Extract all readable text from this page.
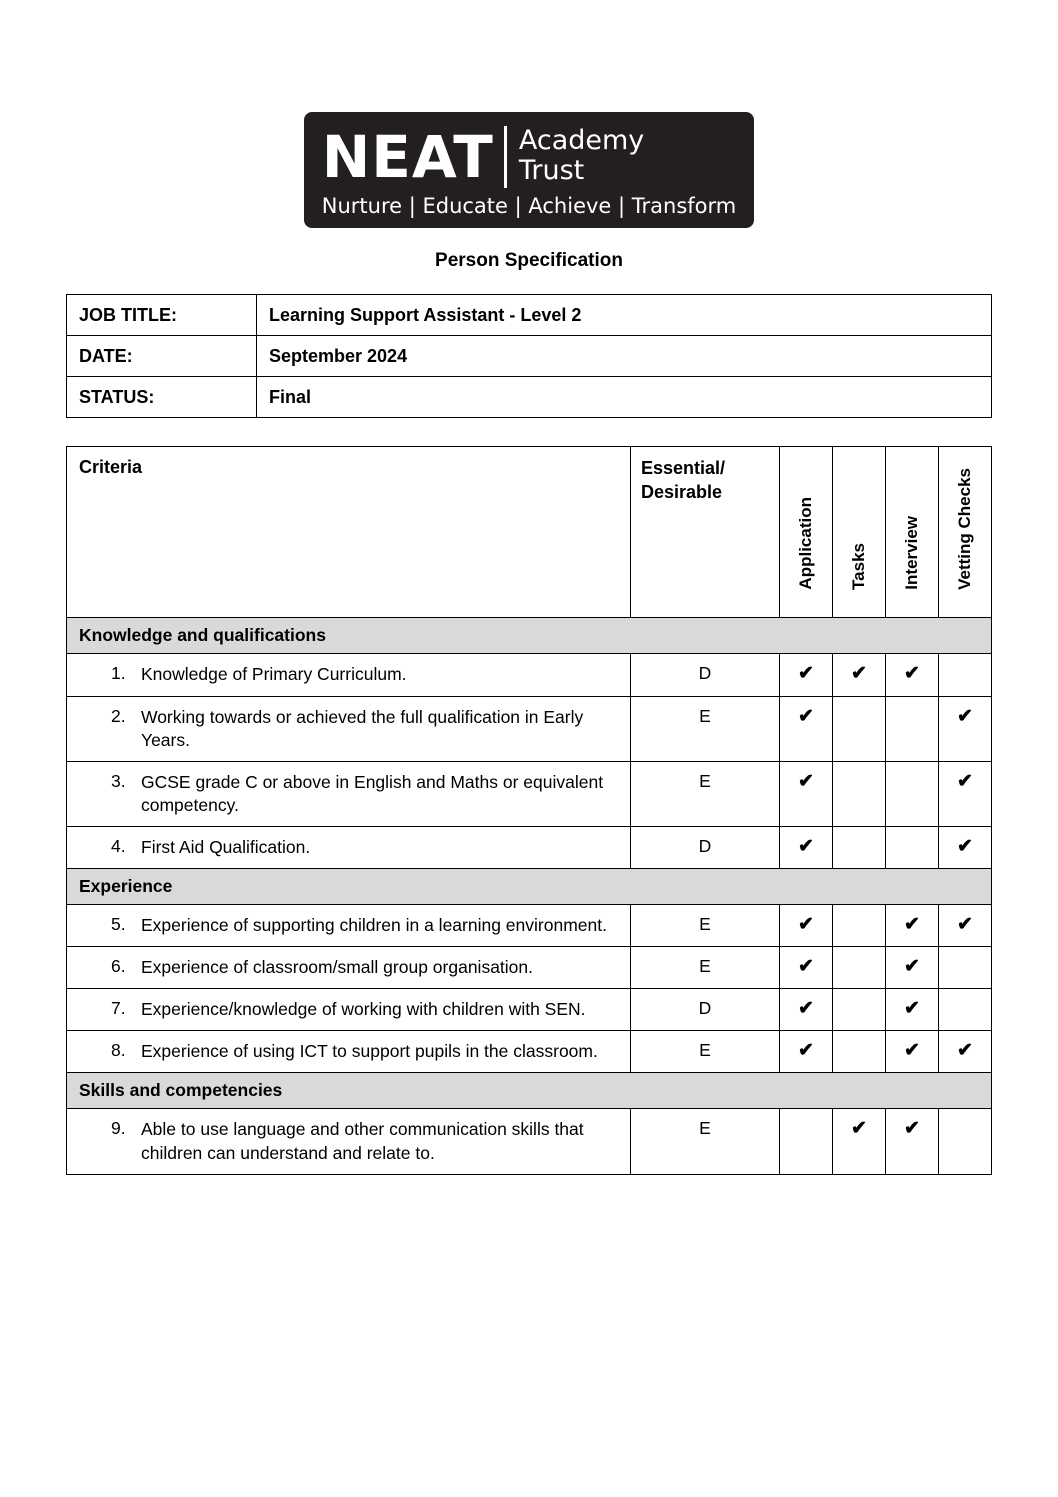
NEAT Academy
Trust
Nurture | Educate | Achieve | Transform
Person Specification
JOB TITLE:	Learning Support Assistant - Level 2
DATE:	September 2024
STATUS:	Final
Criteria	Essential/
Desirable	Application	Tasks	Interview	Vetting Checks

Knowledge and qualifications					

1. Knowledge of Primary Curriculum.	D	✔	✔	✔	

2. Working towards or achieved the full qualification in Early Years.	E	✔			✔

3. GCSE grade C or above in English and Maths or equivalent competency.	E	✔			✔

4. First Aid Qualification.	D	✔			✔
Experience					

5. Experience of supporting children in a learning environment.	E	✔		✔	✔

6. Experience of classroom/small group organisation.	E	✔		✔	

7. Experience/knowledge of working with children with SEN.	D	✔		✔	

8. Experience of using ICT to support pupils in the classroom.	E	✔		✔	✔
Skills and competencies					

9. Able to use language and other communication skills that children can understand and relate to.	E		✔	✔	
